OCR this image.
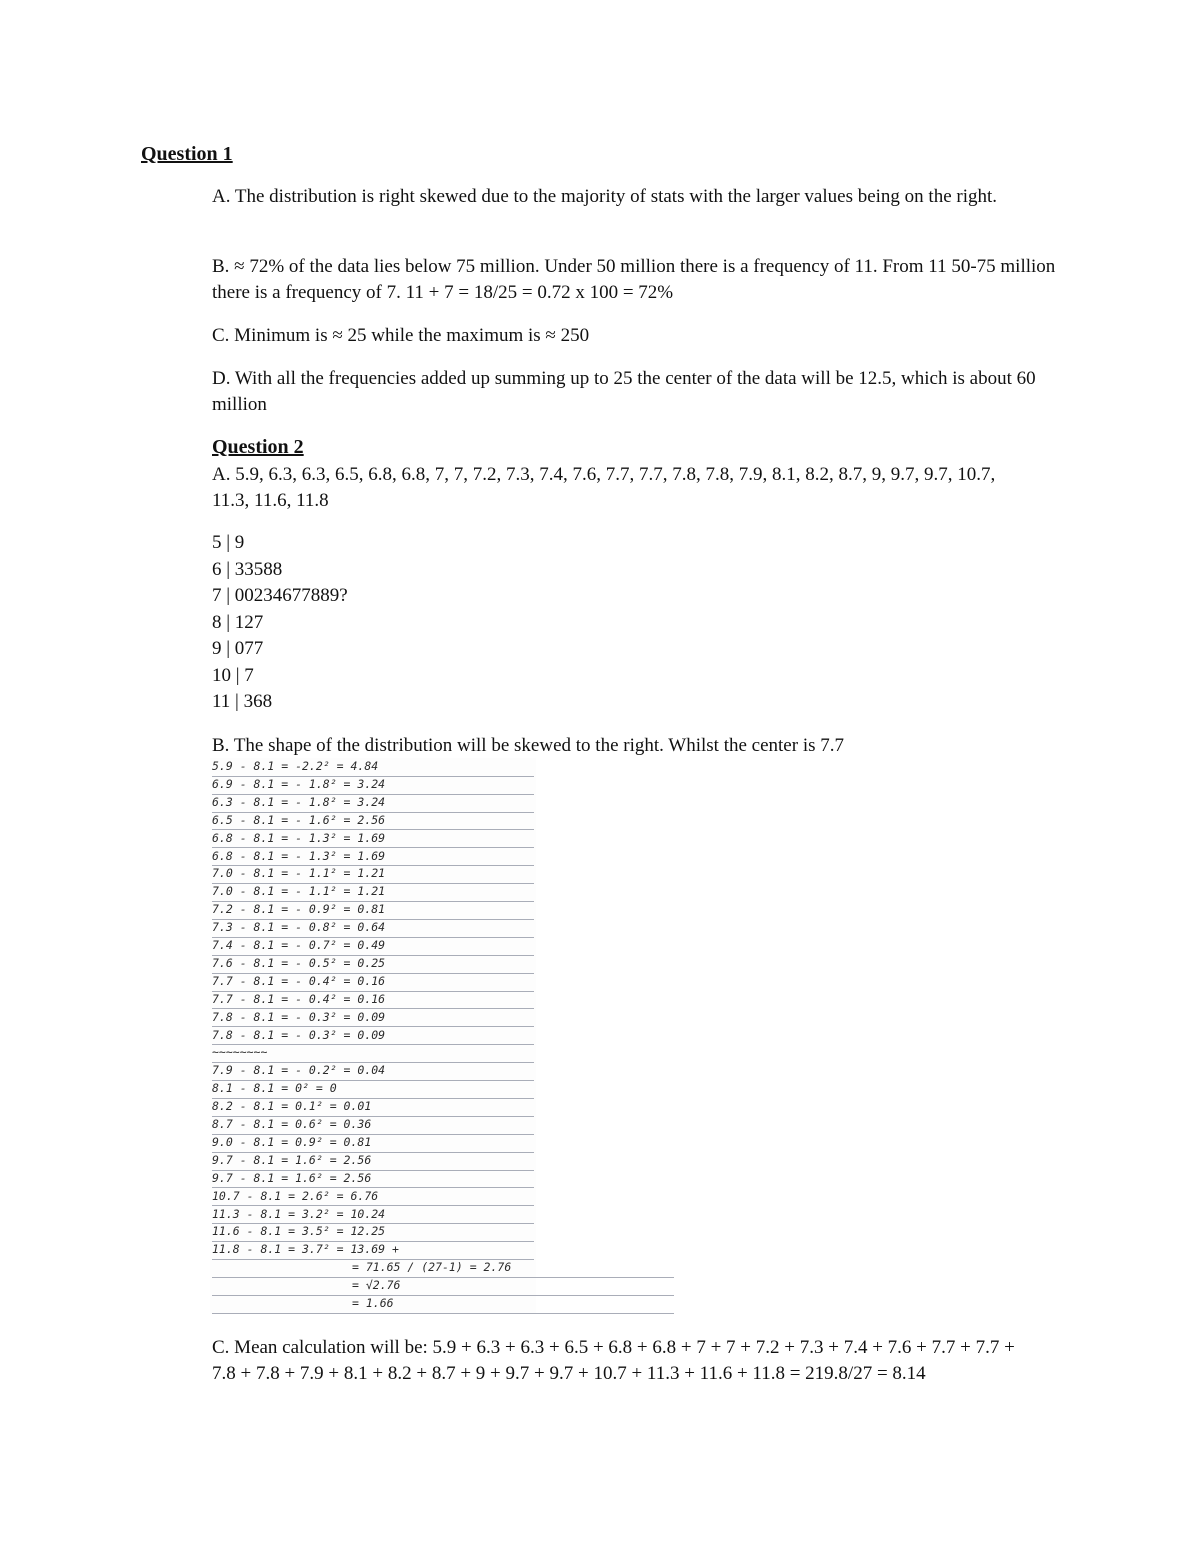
Question 1
A. The distribution is right skewed due to the majority of stats with the larger values being on the right.
B. ≈ 72% of the data lies below 75 million. Under 50 million there is a frequency of 11. From 11 50-75 million there is a frequency of 7. 11 + 7 = 18/25 = 0.72 x 100 = 72%
C. Minimum is ≈ 25 while the maximum is ≈ 250
D. With all the frequencies added up summing up to 25 the center of the data will be 12.5, which is about 60 million
Question 2
A. 5.9, 6.3, 6.3, 6.5, 6.8, 6.8, 7, 7, 7.2, 7.3, 7.4, 7.6, 7.7, 7.7, 7.8, 7.8, 7.9, 8.1, 8.2, 8.7, 9, 9.7, 9.7, 10.7, 11.3, 11.6, 11.8
5 | 9
6 | 33588
7 | 00234677889?
8 | 127
9 | 077
10 | 7
11 | 368
B. The shape of the distribution will be skewed to the right. Whilst the center is 7.7
5.9 - 8.1 = -2.2² = 4.84
6.9 - 8.1 = - 1.8² = 3.24
6.3 - 8.1 = - 1.8² = 3.24
6.5 - 8.1 = - 1.6² = 2.56
6.8 - 8.1 = - 1.3² = 1.69
6.8 - 8.1 = - 1.3² = 1.69
7.0 - 8.1 = - 1.1² = 1.21
7.0 - 8.1 = - 1.1² = 1.21
7.2 - 8.1 = - 0.9² = 0.81
7.3 - 8.1 = - 0.8² = 0.64
7.4 - 8.1 = - 0.7² = 0.49
7.6 - 8.1 = - 0.5² = 0.25
7.7 - 8.1 = - 0.4² = 0.16
7.7 - 8.1 = - 0.4² = 0.16
7.8 - 8.1 = - 0.3² = 0.09
7.8 - 8.1 = - 0.3² = 0.09
~~~~~~~~
7.9 - 8.1 = - 0.2² = 0.04
8.1 - 8.1 = 0² = 0
8.2 - 8.1 = 0.1² = 0.01
8.7 - 8.1 = 0.6² = 0.36
9.0 - 8.1 = 0.9² = 0.81
9.7 - 8.1 = 1.6² = 2.56
9.7 - 8.1 = 1.6² = 2.56
10.7 - 8.1 = 2.6² = 6.76
11.3 - 8.1 = 3.2² = 10.24
11.6 - 8.1 = 3.5² = 12.25
11.8 - 8.1 = 3.7² = 13.69 +
= 71.65 / (27-1) = 2.76
= √2.76
= 1.66
C. Mean calculation will be: 5.9 + 6.3 + 6.3 + 6.5 + 6.8 + 6.8 + 7 + 7 + 7.2 + 7.3 + 7.4 + 7.6 + 7.7 + 7.7 + 7.8 + 7.8 + 7.9 + 8.1 + 8.2 + 8.7 + 9 + 9.7 + 9.7 + 10.7 + 11.3 + 11.6 + 11.8 = 219.8/27 = 8.14
